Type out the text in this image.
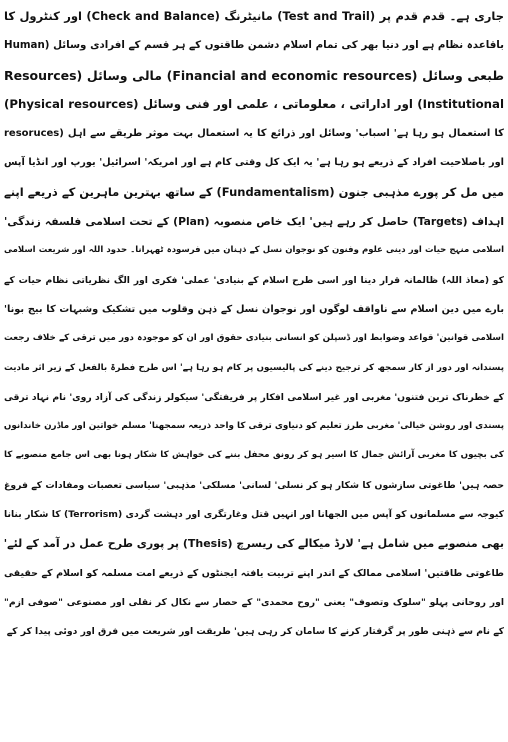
جاری ہے۔ قدم قدم پر (Test and Trail) مانیٹرنگ (Check and Balance) اور کنٹرول کا
باقاعدہ نظام ہے اور دنیا بھر کی تمام اسلام دشمن طاقتوں کے ہر قسم کے افرادی وسائل (Human
Resources) مالی وسائل (Financial and economic resources) طبعی وسائل
(Physical resources) اور اداراتی ، معلوماتی ، علمی اور فنی وسائل (Institutional
resoruces) کا استعمال ہو رہا ہے' اسباب' وسائل اور ذرائع کا یہ استعمال بہت موثر طریقے سے اہل
اور باصلاحیت افراد کے ذریعے ہو رہا ہے' یہ ایک کل وقتی کام ہے اور امریکہ' اسرائیل' یورپ اور انڈیا آپس
میں مل کر پورے مذہبی جنون (Fundamentalism) کے ساتھ بہترین ماہرین کے ذریعے اپنے
اہداف (Targets) حاصل کر رہے ہیں' ایک خاص منصوبہ (Plan) کے تحت اسلامی فلسفہ زندگی'
اسلامی منہج حیات اور دینی علوم وفنون کو نوجوان نسل کے ذہنان میں فرسودہ ٹھہرانا۔ حدود اللہ اور شریعت اسلامی
کو (معاذ اللہ) ظالمانہ قرار دینا اور اسی طرح اسلام کے بنیادی' عملی' فکری اور الگ نظریاتی نظام حیات کے
بارے میں دین اسلام سے ناواقف لوگوں اور نوجوان نسل کے ذہن وقلوب میں تشکیک وشبہات کا بیج بونا'
اسلامی قوانین' قواعد وضوابط اور ڈسپلن کو انسانی بنیادی حقوق اور ان کو موجودہ دور میں ترقی کے خلاف رجعت
پسندانہ اور دور از کار سمجھ کر ترجیح دینے کی پالیسیوں پر کام ہو رہا ہے' اس طرح فطرۃ بالفعل کے زیر اثر مادیت
کے خطرناک ترین فتنوں' مغربی اور غیر اسلامی افکار پر فریفتگی' سیکولر زندگی کی آزاد روی' نام نہاد ترقی
پسندی اور روشن خیالی' مغربی طرز تعلیم کو دنیاوی ترقی کا واحد ذریعہ سمجھنا' مسلم خواتین اور ماڈرن خاندانوں
کی بچیوں کا مغربی آرائش جمال کا اسیر ہو کر رونق محفل بننے کی خواہش کا شکار ہونا بھی اس جامع منصوبے کا
حصہ ہیں' طاغوتی سازشوں کا شکار ہو کر نسلی' لسانی' مسلکی' مذہبی' سیاسی تعصبات ومفادات کے فروغ
کیوجہ سے مسلمانوں کو آپس میں الجھانا اور انہیں قتل وغارتگری اور دہشت گردی (Terrorism) کا شکار بنانا
بھی منصوبے میں شامل ہے' لارڈ میکالے کی ریسرچ (Thesis) پر پوری طرح عمل در آمد کے لئے'
طاغوتی طاقتیں' اسلامی ممالک کے اندر اپنے تربیت یافتہ ایجنٹوں کے ذریعے امت مسلمہ کو اسلام کے حقیقی
اور روحانی پہلو "سلوک وتصوف" یعنی "روح محمدی" کے حصار سے نکال کر نقلی اور مصنوعی "صوفی ازم"
کے نام سے ذہنی طور پر گرفتار کرنے کا سامان کر رہی ہیں' طریقت اور شریعت میں فرق اور دوئی پیدا کر کے
